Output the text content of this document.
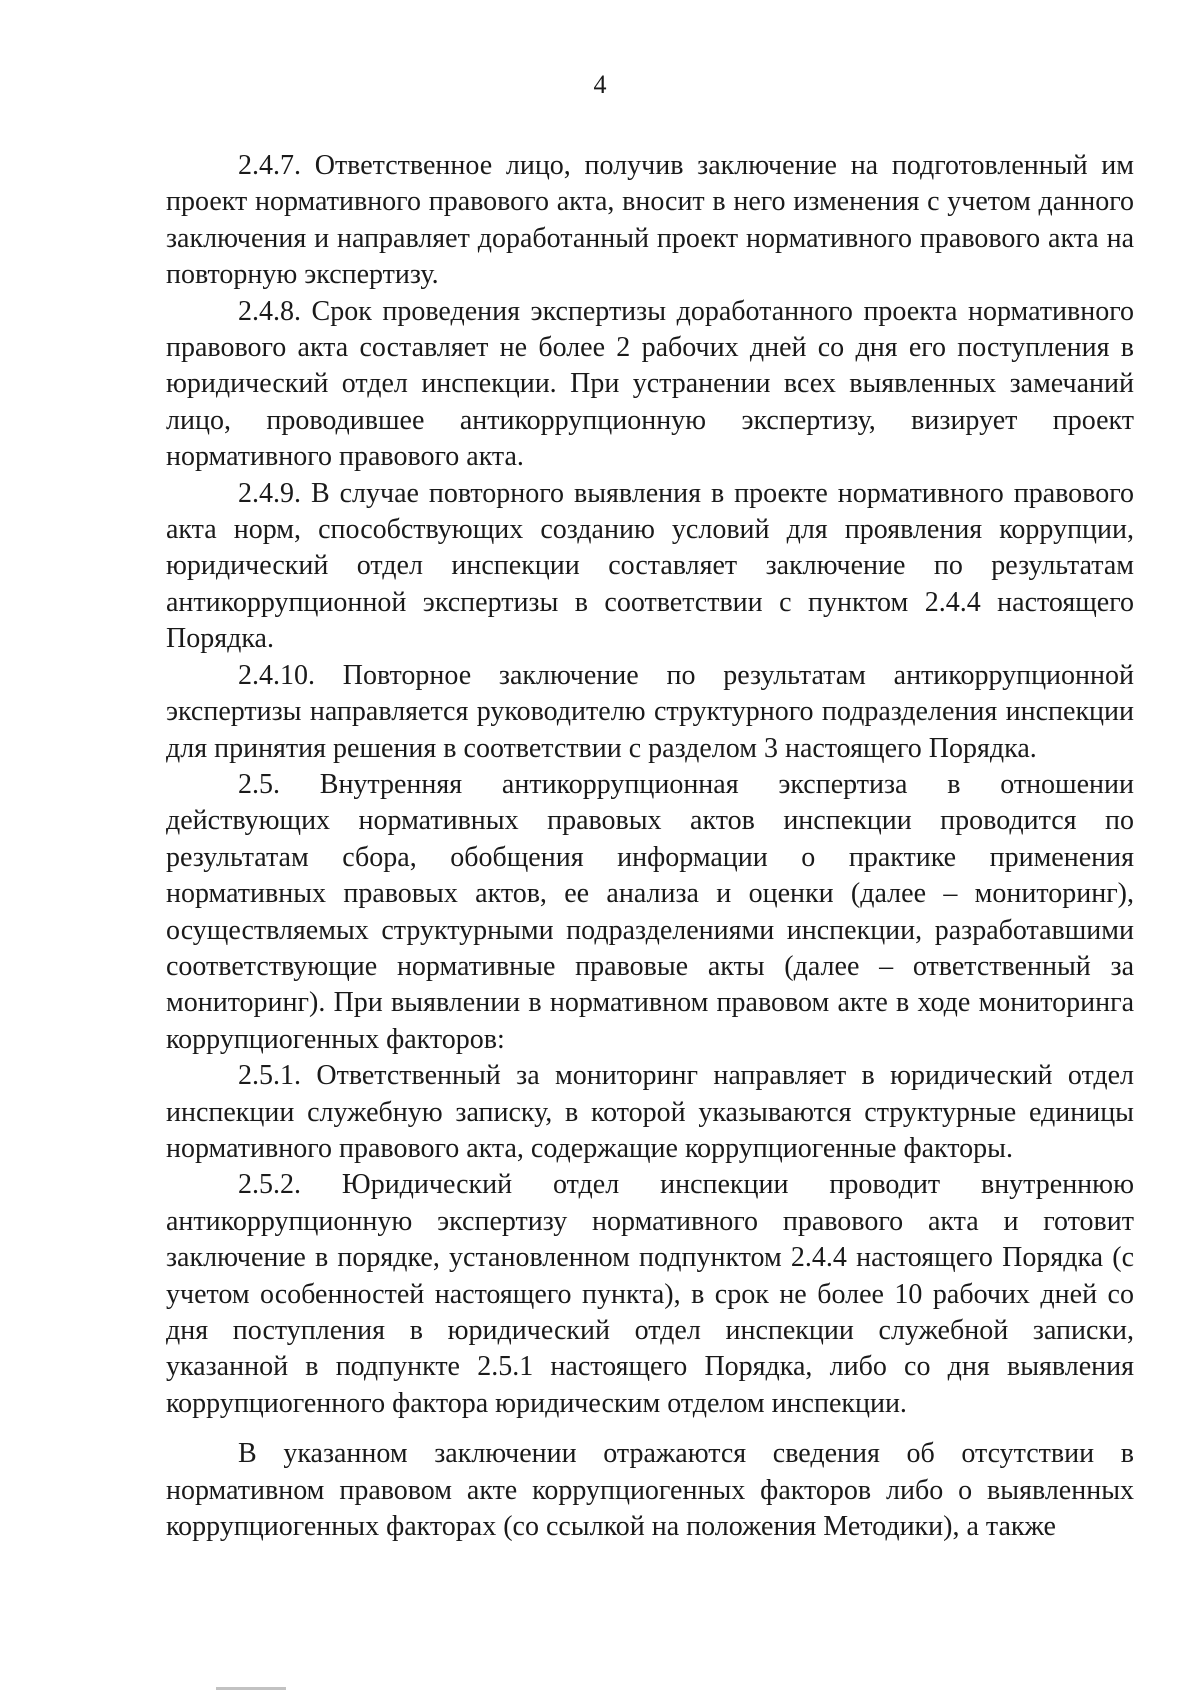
4

2.4.7. Ответственное лицо, получив заключение на подготовленный им проект нормативного правового акта, вносит в него изменения с учетом данного заключения и направляет доработанный проект нормативного правового акта на повторную экспертизу.

2.4.8. Срок проведения экспертизы доработанного проекта нормативного правового акта составляет не более 2 рабочих дней со дня его поступления в юридический отдел инспекции. При устранении всех выявленных замечаний лицо, проводившее антикоррупционную экспертизу, визирует проект нормативного правового акта.

2.4.9. В случае повторного выявления в проекте нормативного правового акта норм, способствующих созданию условий для проявления коррупции, юридический отдел инспекции составляет заключение по результатам антикоррупционной экспертизы в соответствии с пунктом 2.4.4 настоящего Порядка.

2.4.10. Повторное заключение по результатам антикоррупционной экспертизы направляется руководителю структурного подразделения инспекции для принятия решения в соответствии с разделом 3 настоящего Порядка.

2.5. Внутренняя антикоррупционная экспертиза в отношении действующих нормативных правовых актов инспекции проводится по результатам сбора, обобщения информации о практике применения нормативных правовых актов, ее анализа и оценки (далее – мониторинг), осуществляемых структурными подразделениями инспекции, разработавшими соответствующие нормативные правовые акты (далее – ответственный за мониторинг). При выявлении в нормативном правовом акте в ходе мониторинга коррупциогенных факторов:

2.5.1. Ответственный за мониторинг направляет в юридический отдел инспекции служебную записку, в которой указываются структурные единицы нормативного правового акта, содержащие коррупциогенные факторы.

2.5.2. Юридический отдел инспекции проводит внутреннюю антикоррупционную экспертизу нормативного правового акта и готовит заключение в порядке, установленном подпунктом 2.4.4 настоящего Порядка (с учетом особенностей настоящего пункта), в срок не более 10 рабочих дней со дня поступления в юридический отдел инспекции служебной записки, указанной в подпункте 2.5.1 настоящего Порядка, либо со дня выявления коррупциогенного фактора юридическим отделом инспекции.

В указанном заключении отражаются сведения об отсутствии в нормативном правовом акте коррупциогенных факторов либо о выявленных коррупциогенных факторах (со ссылкой на положения Методики), а также
